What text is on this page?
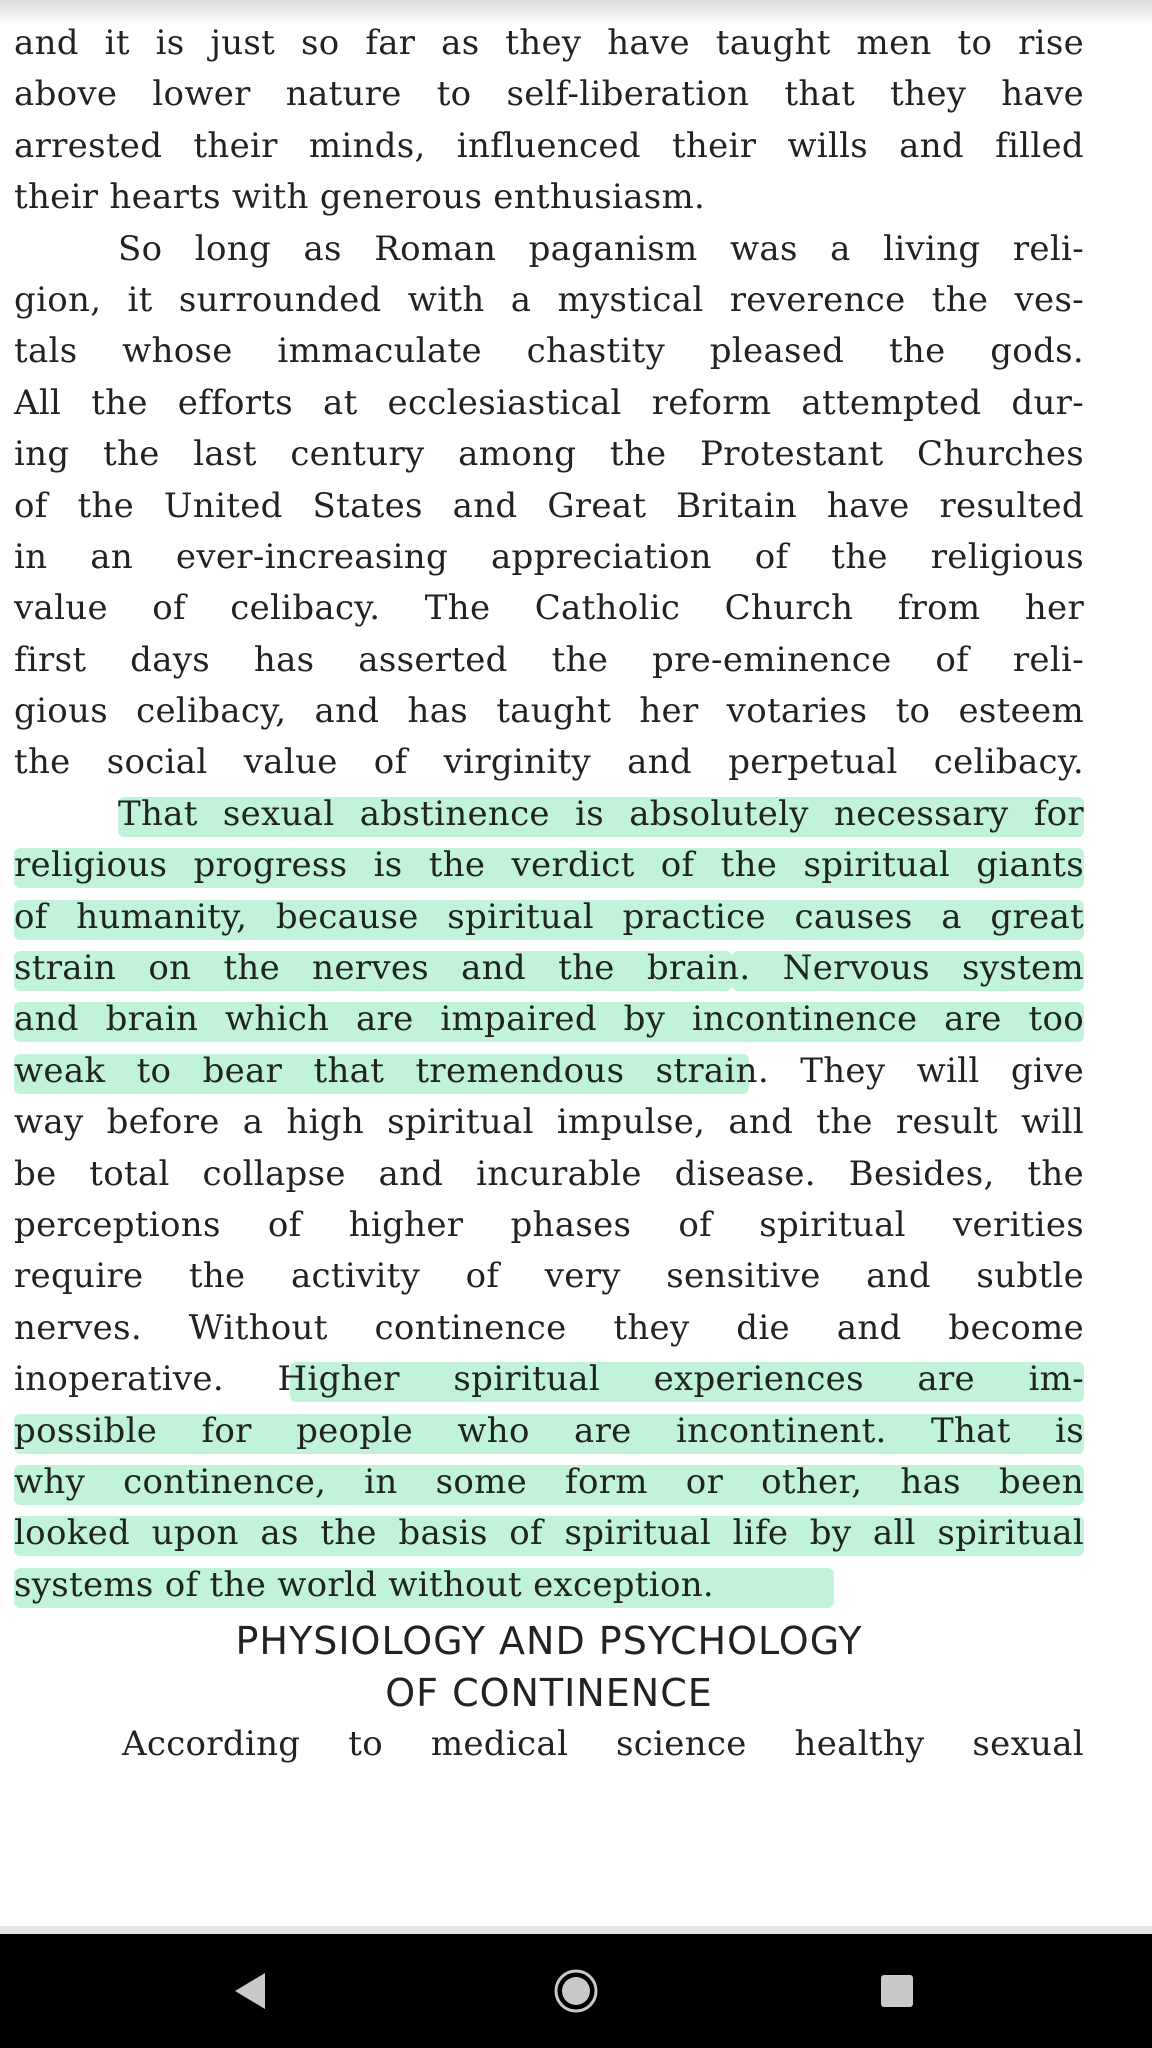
and it is just so far as they have taught men to rise
above lower nature to self-liberation that they have
arrested their minds, influenced their wills and filled
their hearts with generous enthusiasm.
So long as Roman paganism was a living reli-
gion, it surrounded with a mystical reverence the ves-
tals whose immaculate chastity pleased the gods.
All the efforts at ecclesiastical reform attempted dur-
ing the last century among the Protestant Churches
of the United States and Great Britain have resulted
in an ever-increasing appreciation of the religious
value of celibacy. The Catholic Church from her
first days has asserted the pre-eminence of reli-
gious celibacy, and has taught her votaries to esteem
the social value of virginity and perpetual celibacy.
That sexual abstinence is absolutely necessary for
religious progress is the verdict of the spiritual giants
of humanity, because spiritual practice causes a great
strain on the nerves and the brain. Nervous system
and brain which are impaired by incontinence are too
weak to bear that tremendous strain. They will give
way before a high spiritual impulse, and the result will
be total collapse and incurable disease. Besides, the
perceptions of higher phases of spiritual verities
require the activity of very sensitive and subtle
nerves. Without continence they die and become
inoperative. Higher spiritual experiences are im-
possible for people who are incontinent. That is
why continence, in some form or other, has been
looked upon as the basis of spiritual life by all spiritual
systems of the world without exception.
PHYSIOLOGY AND PSYCHOLOGY
OF CONTINENCE
According to medical science healthy sexual
